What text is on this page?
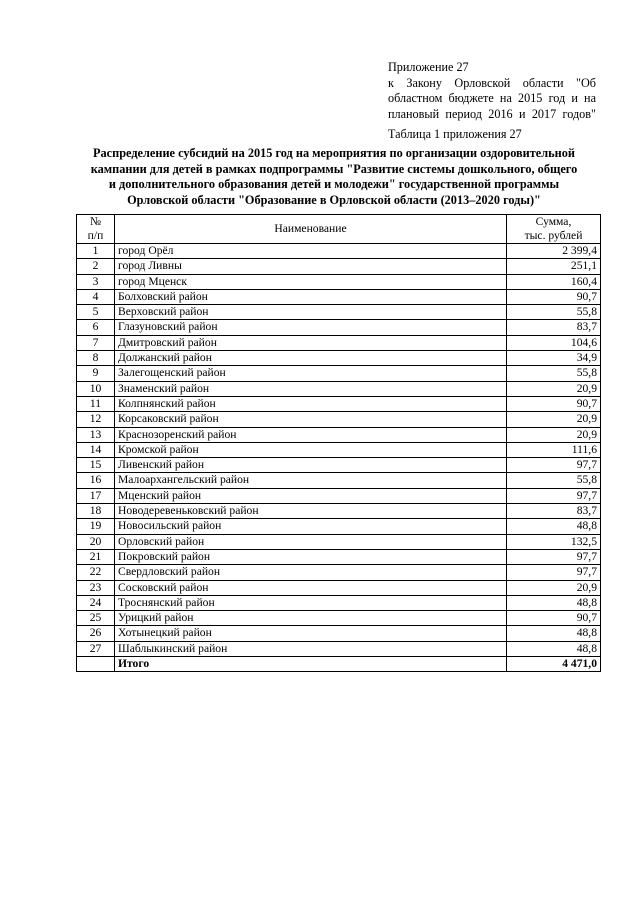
Приложение 27
к Закону Орловской области "Об
областном бюджете на 2015 год и на
плановый период 2016 и 2017 годов"
Таблица 1 приложения 27
Распределение субсидий на 2015 год на мероприятия по организации оздоровительной
кампании для детей в рамках подпрограммы "Развитие системы дошкольного, общего
и дополнительного образования детей и молодежи" государственной программы
Орловской области "Образование в Орловской области (2013–2020 годы)"
№
п/п	Наименование	Сумма,
тыс. рублей
1	город Орёл	2 399,4
2	город Ливны	251,1
3	город Мценск	160,4
4	Болховский район	90,7
5	Верховский район	55,8
6	Глазуновский район	83,7
7	Дмитровский район	104,6
8	Должанский район	34,9
9	Залегощенский район	55,8
10	Знаменский район	20,9
11	Колпнянский район	90,7
12	Корсаковский район	20,9
13	Краснозоренский район	20,9
14	Кромской район	111,6
15	Ливенский район	97,7
16	Малоархангельский район	55,8
17	Мценский район	97,7
18	Новодеревеньковский район	83,7
19	Новосильский район	48,8
20	Орловский район	132,5
21	Покровский район	97,7
22	Свердловский район	97,7
23	Сосковский район	20,9
24	Троснянский район	48,8
25	Урицкий район	90,7
26	Хотынецкий район	48,8
27	Шаблыкинский район	48,8
	Итого	4 471,0
